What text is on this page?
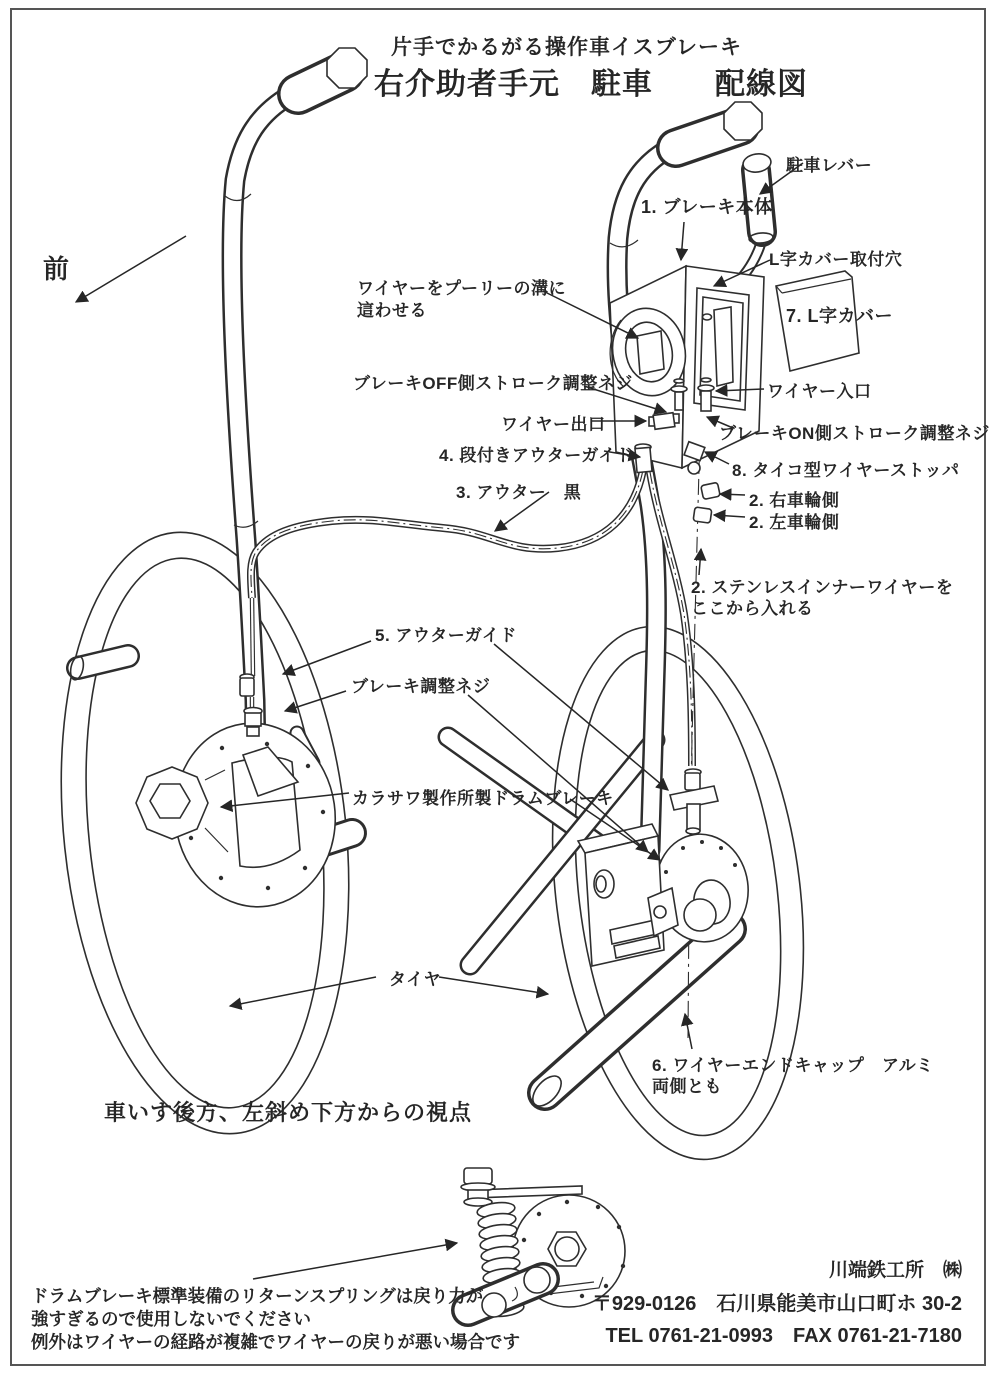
片手でかるがる操作車イスブレーキ
右介助者手元　駐車　　配線図
前
駐車レバー
1. ブレーキ本体
L字カバー取付穴
7. L字カバー
ワイヤーをプーリーの溝に
這わせる
ブレーキOFF側ストローク調整ネジ
ワイヤー出口
ワイヤー入口
ブレーキON側ストローク調整ネジ
4. 段付きアウターガイド
8. タイコ型ワイヤーストッパ
3. アウター　黒	2. 右車輪側
2. 左車輪側
2. ステンレスインナーワイヤーを
ここから入れる
5. アウターガイド
ブレーキ調整ネジ
カラサワ製作所製ドラムブレーキ
タイヤ
6. ワイヤーエンドキャップ　アルミ
両側とも
車いす後方、左斜め下方からの視点
ドラムブレーキ標準装備のリターンスプリングは戻り力が
強すぎるので使用しないでください
例外はワイヤーの経路が複雑でワイヤーの戻りが悪い場合です
川端鉄工所　㈱
〒929-0126　石川県能美市山口町ホ 30-2
TEL 0761-21-0993　FAX 0761-21-7180
